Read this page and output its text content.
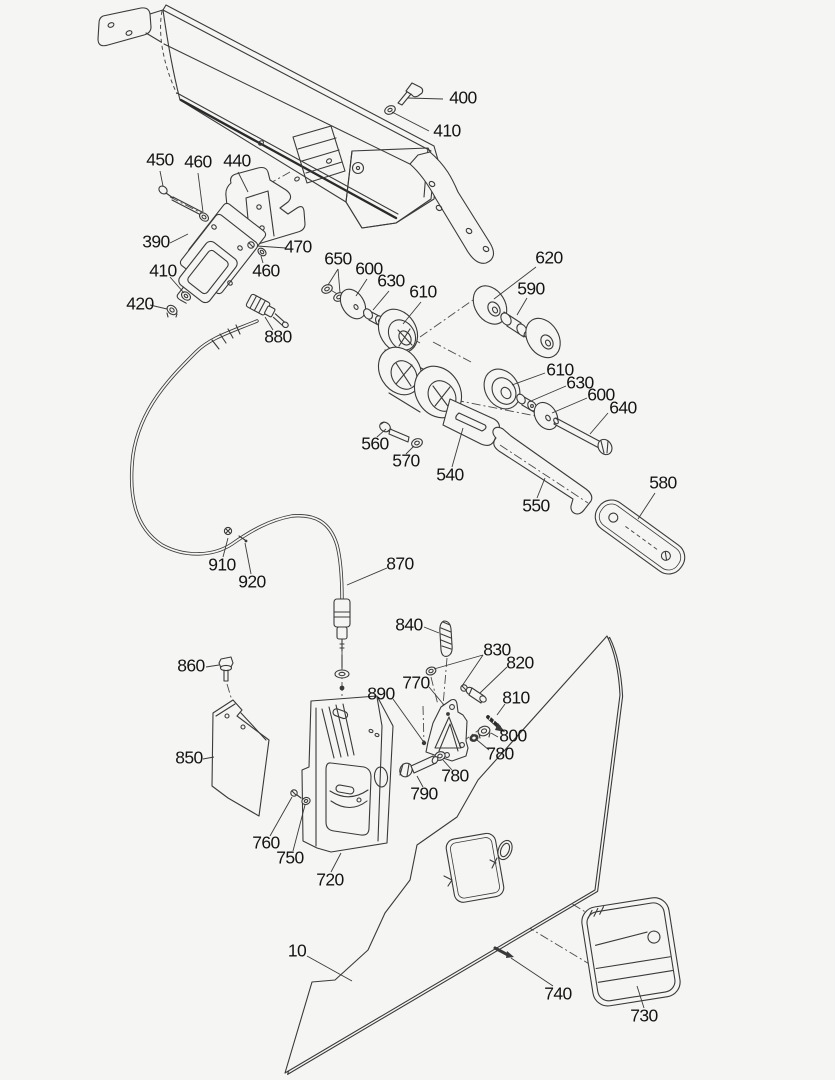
400
410
450 460 440
390	470
460
410
420
880
650 600
630
610
620
590
610
630
600
640
560
570
540
550
580
910
920
870
840
860
830
820
770
890	810
800
780
780
790
850
760
750
720
10
740
730
